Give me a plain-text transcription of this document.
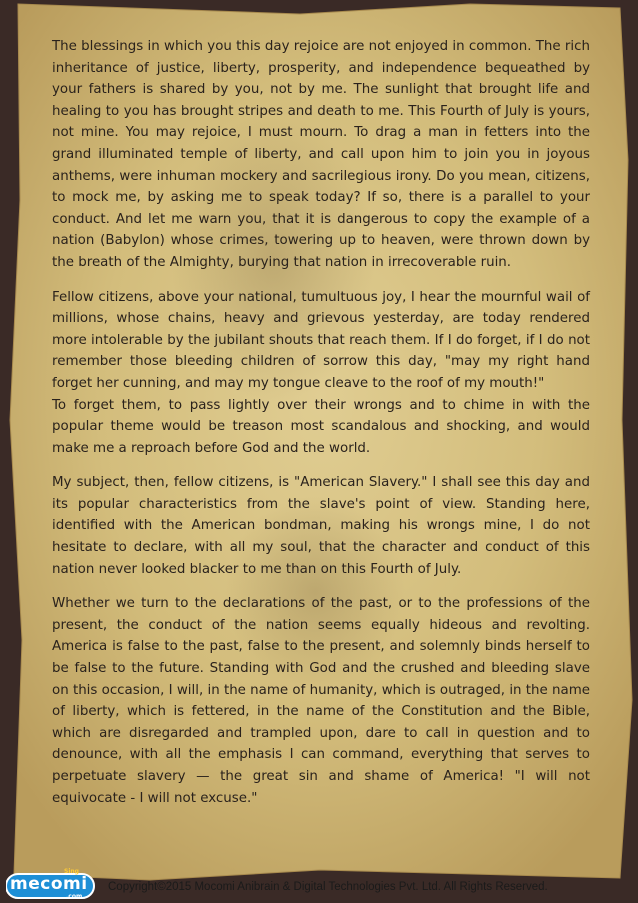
The blessings in which you this day rejoice are not enjoyed in common. The rich inheritance of justice, liberty, prosperity, and independence bequeathed by your fathers is shared by you, not by me. The sunlight that brought life and healing to you has brought stripes and death to me. This Fourth of July is yours, not mine. You may rejoice, I must mourn. To drag a man in fetters into the grand illuminated temple of liberty, and call upon him to join you in joyous anthems, were inhuman mockery and sacrilegious irony. Do you mean, citizens, to mock me, by asking me to speak today? If so, there is a parallel to your conduct. And let me warn you, that it is dangerous to copy the example of a nation (Babylon) whose crimes, towering up to heaven, were thrown down by the breath of the Almighty, burying that nation in irrecoverable ruin.

Fellow citizens, above your national, tumultuous joy, I hear the mournful wail of millions, whose chains, heavy and grievous yesterday, are today rendered more intolerable by the jubilant shouts that reach them. If I do forget, if I do not remember those bleeding children of sorrow this day, "may my right hand forget her cunning, and may my tongue cleave to the roof of my mouth!"

To forget them, to pass lightly over their wrongs and to chime in with the popular theme would be treason most scandalous and shocking, and would make me a reproach before God and the world.

My subject, then, fellow citizens, is "American Slavery." I shall see this day and its popular characteristics from the slave's point of view. Standing here, identified with the American bondman, making his wrongs mine, I do not hesitate to declare, with all my soul, that the character and conduct of this nation never looked blacker to me than on this Fourth of July.

Whether we turn to the declarations of the past, or to the professions of the present, the conduct of the nation seems equally hideous and revolting. America is false to the past, false to the present, and solemnly binds herself to be false to the future. Standing with God and the crushed and bleeding slave on this occasion, I will, in the name of humanity, which is outraged, in the name of liberty, which is fettered, in the name of the Constitution and the Bible, which are disregarded and trampled upon, dare to call in question and to denounce, with all the emphasis I can command, everything that serves to perpetuate slavery — the great sin and shame of America! "I will not equivocate - I will not excuse."

mecomi
.com
Sing
Copyright©2015 Mocomi Anibrain & Digital Technologies Pvt. Ltd. All Rights Reserved.
